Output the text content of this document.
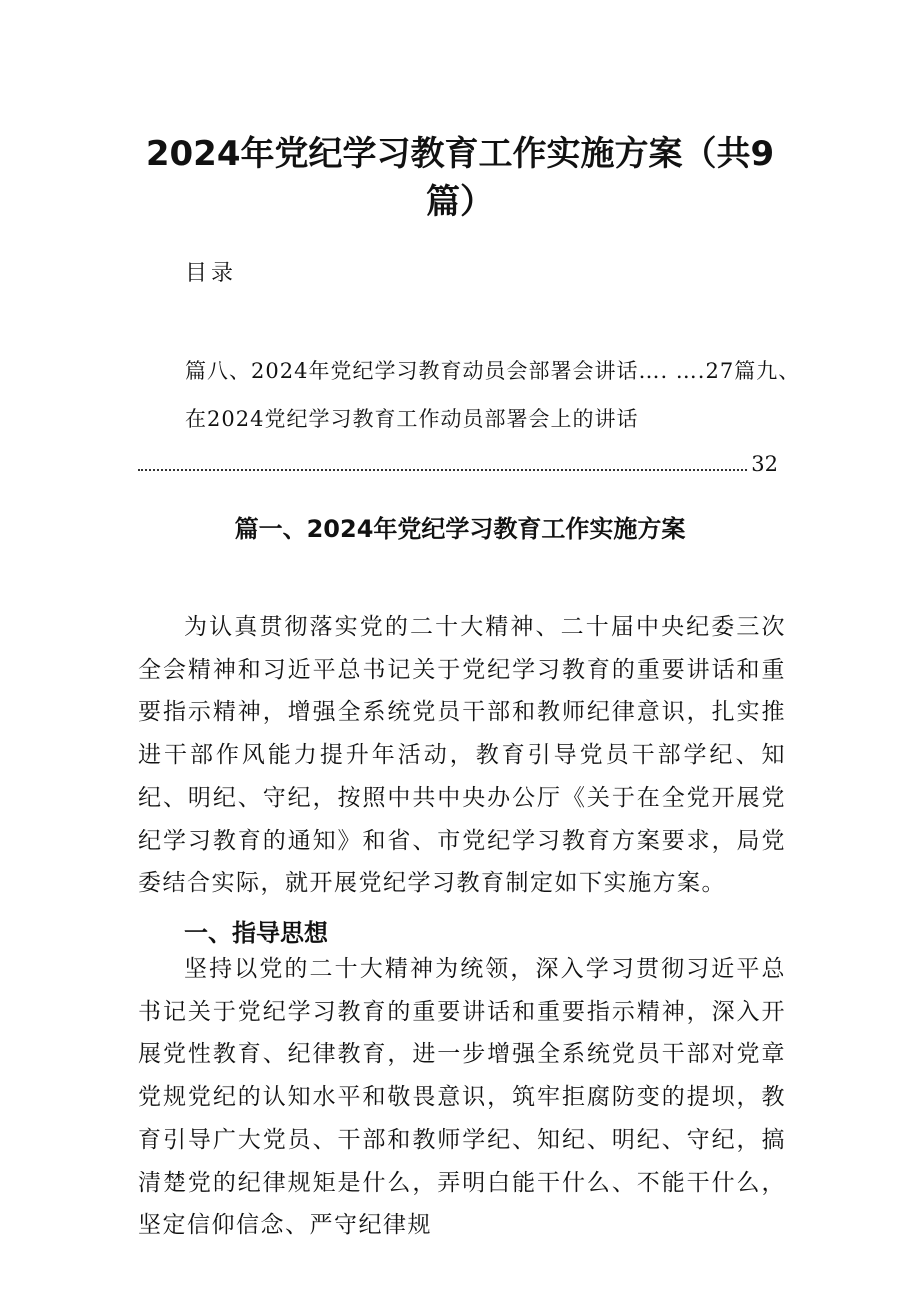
2024年党纪学习教育工作实施方案（共9
篇）
目录
篇八、2024年党纪学习教育动员会部署会讲话…. ….27篇九、
在2024党纪学习教育工作动员部署会上的讲话
32
篇一、2024年党纪学习教育工作实施方案

为认真贯彻落实党的二十大精神、二十届中央纪委三次全会精神和习近平总书记关于党纪学习教育的重要讲话和重要指示精神，增强全系统党员干部和教师纪律意识，扎实推进干部作风能力提升年活动，教育引导党员干部学纪、知纪、明纪、守纪，按照中共中央办公厅《关于在全党开展党纪学习教育的通知》和省、市党纪学习教育方案要求，局党委结合实际，就开展党纪学习教育制定如下实施方案。

一、指导思想

坚持以党的二十大精神为统领，深入学习贯彻习近平总书记关于党纪学习教育的重要讲话和重要指示精神，深入开展党性教育、纪律教育，进一步增强全系统党员干部对党章党规党纪的认知水平和敬畏意识，筑牢拒腐防变的提坝，教育引导广大党员、干部和教师学纪、知纪、明纪、守纪，搞清楚党的纪律规矩是什么，弄明白能干什么、不能干什么，坚定信仰信念、严守纪律规
